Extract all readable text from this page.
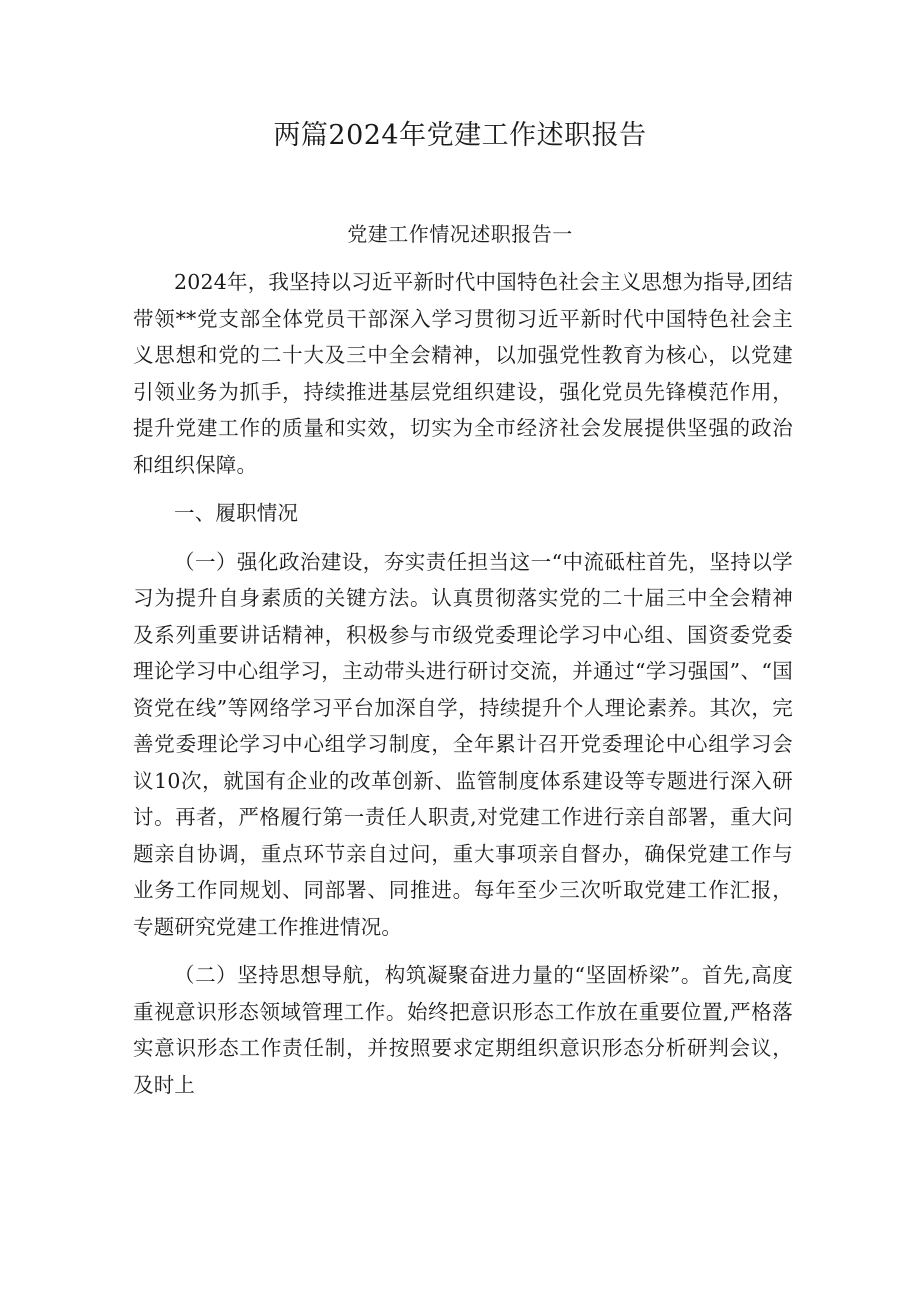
两篇2024年党建工作述职报告
党建工作情况述职报告一

2024年，我坚持以习近平新时代中国特色社会主义思想为指导,团结带领**党支部全体党员干部深入学习贯彻习近平新时代中国特色社会主义思想和党的二十大及三中全会精神，以加强党性教育为核心，以党建引领业务为抓手，持续推进基层党组织建设，强化党员先锋模范作用，提升党建工作的质量和实效，切实为全市经济社会发展提供坚强的政治和组织保障。

一、履职情况

（一）强化政治建设，夯实责任担当这一“中流砥柱首先，坚持以学习为提升自身素质的关键方法。认真贯彻落实党的二十届三中全会精神及系列重要讲话精神，积极参与市级党委理论学习中心组、国资委党委理论学习中心组学习，主动带头进行研讨交流，并通过“学习强国”、“国资党在线”等网络学习平台加深自学，持续提升个人理论素养。其次，完善党委理论学习中心组学习制度，全年累计召开党委理论中心组学习会议10次，就国有企业的改革创新、监管制度体系建设等专题进行深入研讨。再者，严格履行第一责任人职责,对党建工作进行亲自部署，重大问题亲自协调，重点环节亲自过问，重大事项亲自督办，确保党建工作与业务工作同规划、同部署、同推进。每年至少三次听取党建工作汇报，专题研究党建工作推进情况。

（二）坚持思想导航，构筑凝聚奋进力量的“坚固桥梁”。首先,高度重视意识形态领域管理工作。始终把意识形态工作放在重要位置,严格落实意识形态工作责任制，并按照要求定期组织意识形态分析研判会议，及时上
